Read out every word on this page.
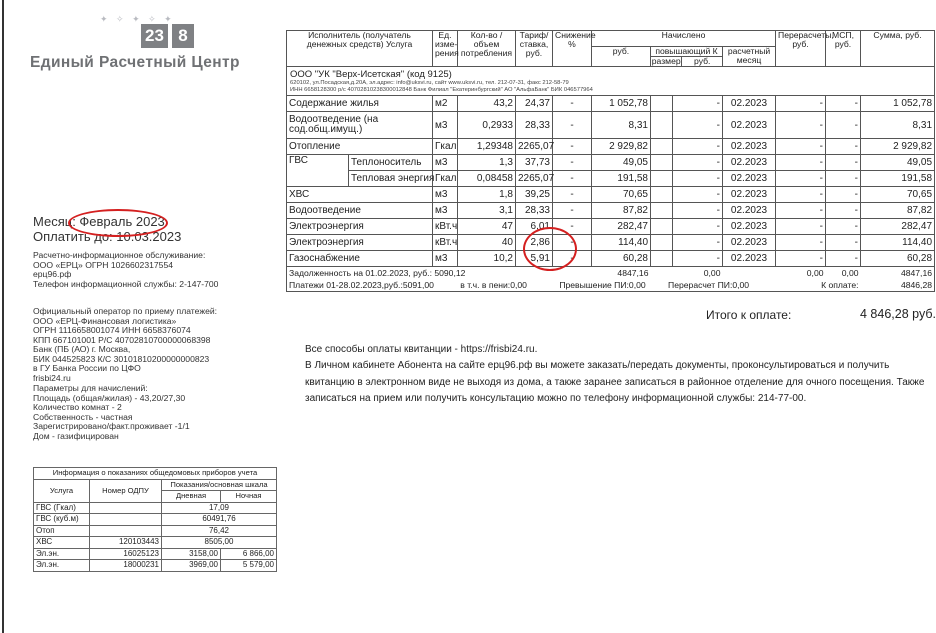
✦ ✧ ✦ ✧ ✦
23 8
Единый Расчетный Центр
Месяц: Февраль 2023
Оплатить до: 10.03.2023
Расчетно-информационное обслуживание:
ООО «ЕРЦ» ОГРН 1026602317554
ерц96.рф
Телефон информационной службы: 2-147-700
Официальный оператор по приему платежей:
ООО «ЕРЦ-Финансовая логистика»
ОГРН 1116658001074 ИНН 6658376074
КПП 667101001 Р/С 40702810700000068398
Банк (ПБ (АО) г. Москва,
БИК 044525823 К/С 30101810200000000823
в ГУ Банка России по ЦФО
frisbi24.ru
Параметры для начислений:
Площадь (общая/жилая) - 43,20/27,30
Количество комнат - 2
Собственность - частная
Зарегистрировано/факт.проживает -1/1
Дом - газифицирован
Исполнитель (получатель денежных средств) Услуга		Ед. изме-рения	Кол-во / объем потребления	Тариф/ ставка, руб.	Снижение %	Начислено				Перерасчеты, руб.	МСП, руб.	Сумма, руб.
						руб.	повышающий К
размер руб.		расчетный месяц			

ООО "УК "Верх-Исетская" (код 9125)
620102, ул.Посадская,д.20А, эл.адрес: info@uksvi.ru, сайт www.uksvi.ru, тел. 212-07-31, факс 212-58-79
ИНН 6658128300 р/с 40702810238300012848 Банк Филиал "Екатеринбургский" АО "АльфаБанк" БИК 046577964												

Содержание жилья		м2	43,2	24,37	-	1 052,78		-	02.2023	-	-	1 052,78
Водоотведение (на сод.общ.имущ.)		м3	0,2933	28,33	-	8,31		-	02.2023	-	-	8,31
Отопление		Гкал	1,29348	2265,07	-	2 929,82		-	02.2023	-	-	2 929,82
ГВС	Теплоноситель	м3	1,3	37,73	-	49,05		-	02.2023	-	-	49,05
	Тепловая энергия	Гкал	0,08458	2265,07	-	191,58		-	02.2023	-	-	191,58
ХВС		м3	1,8	39,25	-	70,65		-	02.2023	-	-	70,65
Водоотведение		м3	3,1	28,33	-	87,82		-	02.2023	-	-	87,82
Электроэнергия		кВт.ч	47	6,01	-	282,47		-	02.2023	-	-	282,47
Электроэнергия		кВт.ч	40	2,86	-	114,40		-	02.2023	-	-	114,40
Газоснабжение		м3	10,2	5,91	-	60,28		-	02.2023	-	-	60,28
Задолженность на 01.02.2023, руб.: 5090,12						4847,16	0,00			0,00	0,00	4847,16
Платежи 01-28.02.2023,руб.:5091,00 в т.ч. в пени:0,00 Превышение ПИ:0,00 Перерасчет ПИ:0,00 К оплате:												4846,28
Итого к оплате:	4 846,28 руб.
Все способы оплаты квитанции - https://frisbi24.ru.
В Личном кабинете Абонента на сайте ерц96.рф вы можете заказать/передать документы, проконсультироваться и получить
квитанцию в электронном виде не выходя из дома, а также заранее записаться в районное отделение для очного посещения. Также
записаться на прием или получить консультацию можно по телефону информационной службы: 214-77-00.
Информация о показаниях общедомовых приборов учета			
Услуга	Номер ОДПУ	Показания/основная шкала	
		Дневная	Ночная
ГВС (Гкал)		17,09	
ГВС (куб.м)		60491,76	
Отоп		76,42	
ХВС	120103443	8505,00	
Эл.эн.	16025123	3158,00	6 866,00
Эл.эн.	18000231	3969,00	5 579,00
